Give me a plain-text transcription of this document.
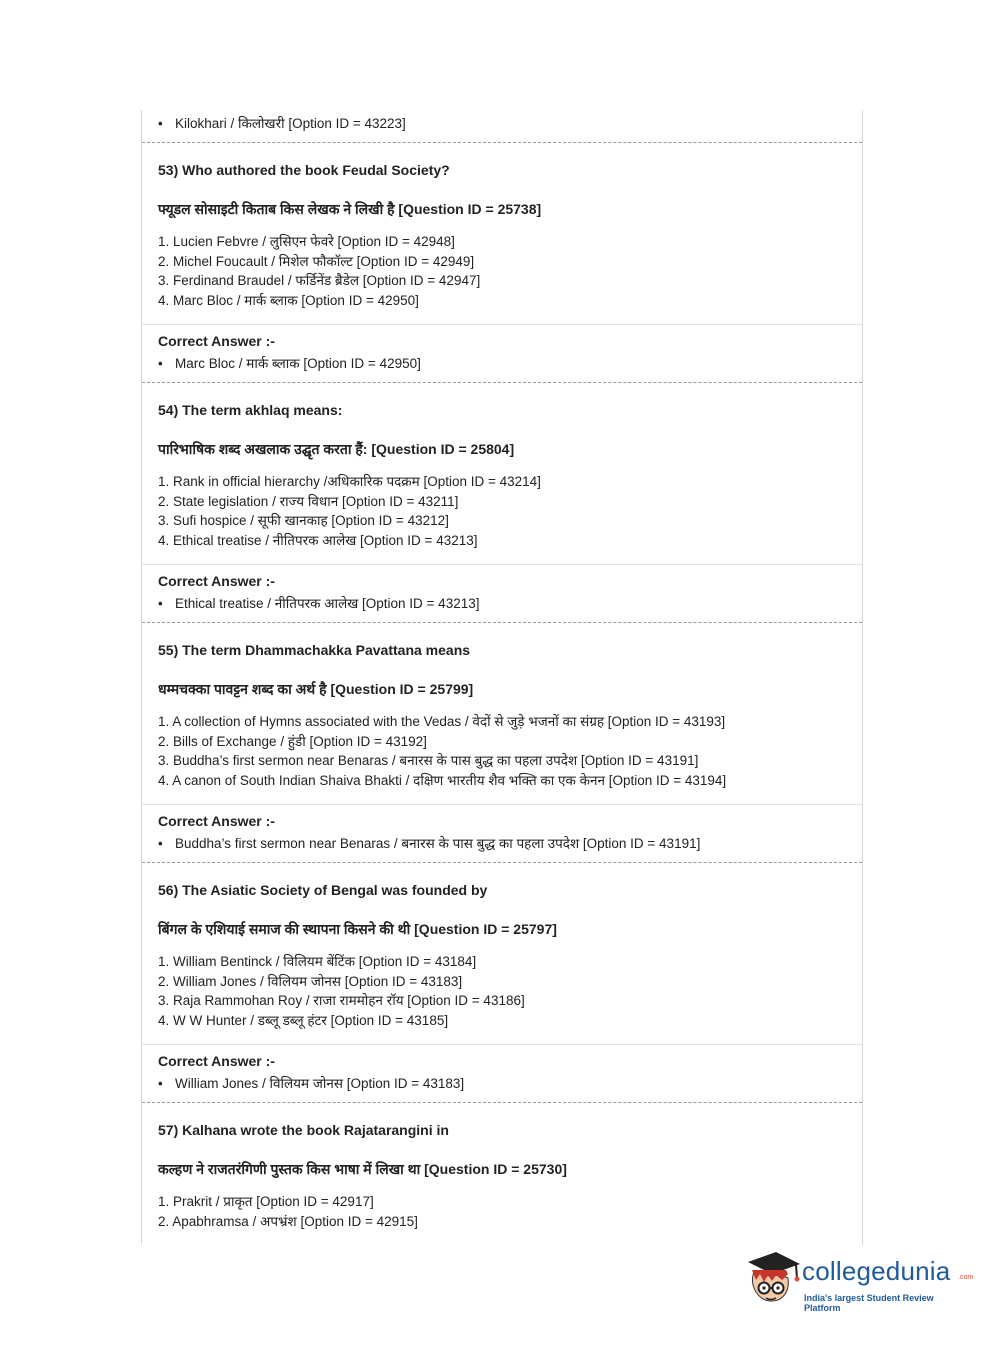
• Kilokhari / किलोखरी [Option ID = 43223]

53) Who authored the book Feudal Society?

फ्यूडल सोसाइटी किताब किस लेखक ने लिखी है [Question ID = 25738]

1. Lucien Febvre / लुसिएन फेवरे [Option ID = 42948]

2. Michel Foucault / मिशेल फौकॉल्ट [Option ID = 42949]

3. Ferdinand Braudel / फर्डिनेंड ब्रैडेल [Option ID = 42947]

4. Marc Bloc / मार्क ब्लाक [Option ID = 42950]

Correct Answer :-

• Marc Bloc / मार्क ब्लाक [Option ID = 42950]

54) The term akhlaq means:

पारिभाषिक शब्द अखलाक उद्घृत करता हैं: [Question ID = 25804]

1. Rank in official hierarchy /अधिकारिक पदक्रम [Option ID = 43214]

2. State legislation / राज्य विधान [Option ID = 43211]

3. Sufi hospice / सूफी खानकाह [Option ID = 43212]

4. Ethical treatise / नीतिपरक आलेख [Option ID = 43213]

Correct Answer :-

• Ethical treatise / नीतिपरक आलेख [Option ID = 43213]

55) The term Dhammachakka Pavattana means

धम्मचक्का पावट्टन शब्द का अर्थ है [Question ID = 25799]

1. A collection of Hymns associated with the Vedas / वेदों से जुड़े भजनों का संग्रह [Option ID = 43193]

2. Bills of Exchange / हुंडी [Option ID = 43192]

3. Buddha’s first sermon near Benaras / बनारस के पास बुद्ध का पहला उपदेश [Option ID = 43191]

4. A canon of South Indian Shaiva Bhakti / दक्षिण भारतीय शैव भक्ति का एक केनन [Option ID = 43194]

Correct Answer :-

• Buddha’s first sermon near Benaras / बनारस के पास बुद्ध का पहला उपदेश [Option ID = 43191]

56) The Asiatic Society of Bengal was founded by

बिंगल के एशियाई समाज की स्थापना किसने की थी [Question ID = 25797]

1. William Bentinck / विलियम बेंटिंक [Option ID = 43184]

2. William Jones / विलियम जोनस [Option ID = 43183]

3. Raja Rammohan Roy / राजा राममोहन रॉय [Option ID = 43186]

4. W W Hunter / डब्लू डब्लू हंटर [Option ID = 43185]

Correct Answer :-

• William Jones / विलियम जोनस [Option ID = 43183]

57) Kalhana wrote the book Rajatarangini in

कल्हण ने राजतरंगिणी पुस्तक किस भाषा में लिखा था [Question ID = 25730]

1. Prakrit / प्राकृत [Option ID = 42917]

2. Apabhramsa / अपभ्रंश [Option ID = 42915]

collegedunia .com
India's largest Student Review Platform
